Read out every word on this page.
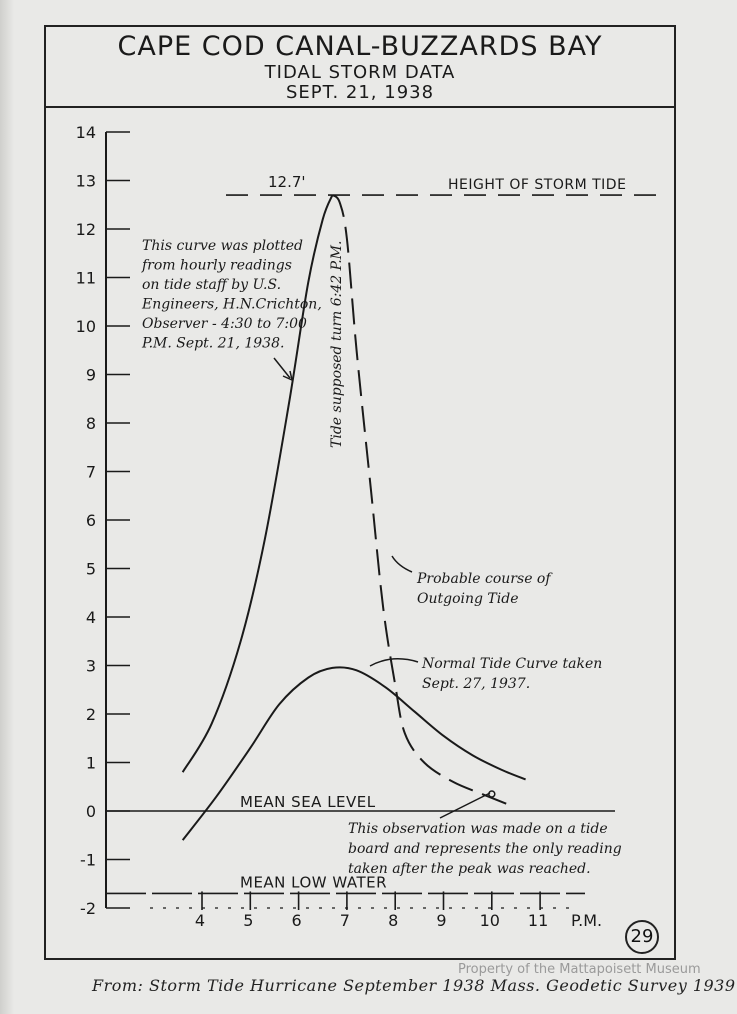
CAPE COD CANAL-BUZZARDS BAY
TIDAL STORM DATA
SEPT. 21, 1938
-2
-1
0
1
2
3
4
5
6
7
8
9
10
11
12
13
14
12.7'	HEIGHT OF STORM TIDE
MEAN SEA LEVEL
MEAN LOW WATER
4 5 6 7 8 9 10 11 P.M.
This curve was plotted
from hourly readings
on tide staff by U.S.
Engineers, H.N.Crichton,
Observer - 4:30 to 7:00
P.M. Sept. 21, 1938.	Tide supposed turn 6:42 P.M.
Probable course of
Outgoing Tide
Normal Tide Curve taken
Sept. 27, 1937.
This observation was made on a tide
board and represents the only reading
taken after the peak was reached.
29
Property of the Mattapoisett Museum
From: Storm Tide Hurricane September 1938 Mass. Geodetic Survey 1939
